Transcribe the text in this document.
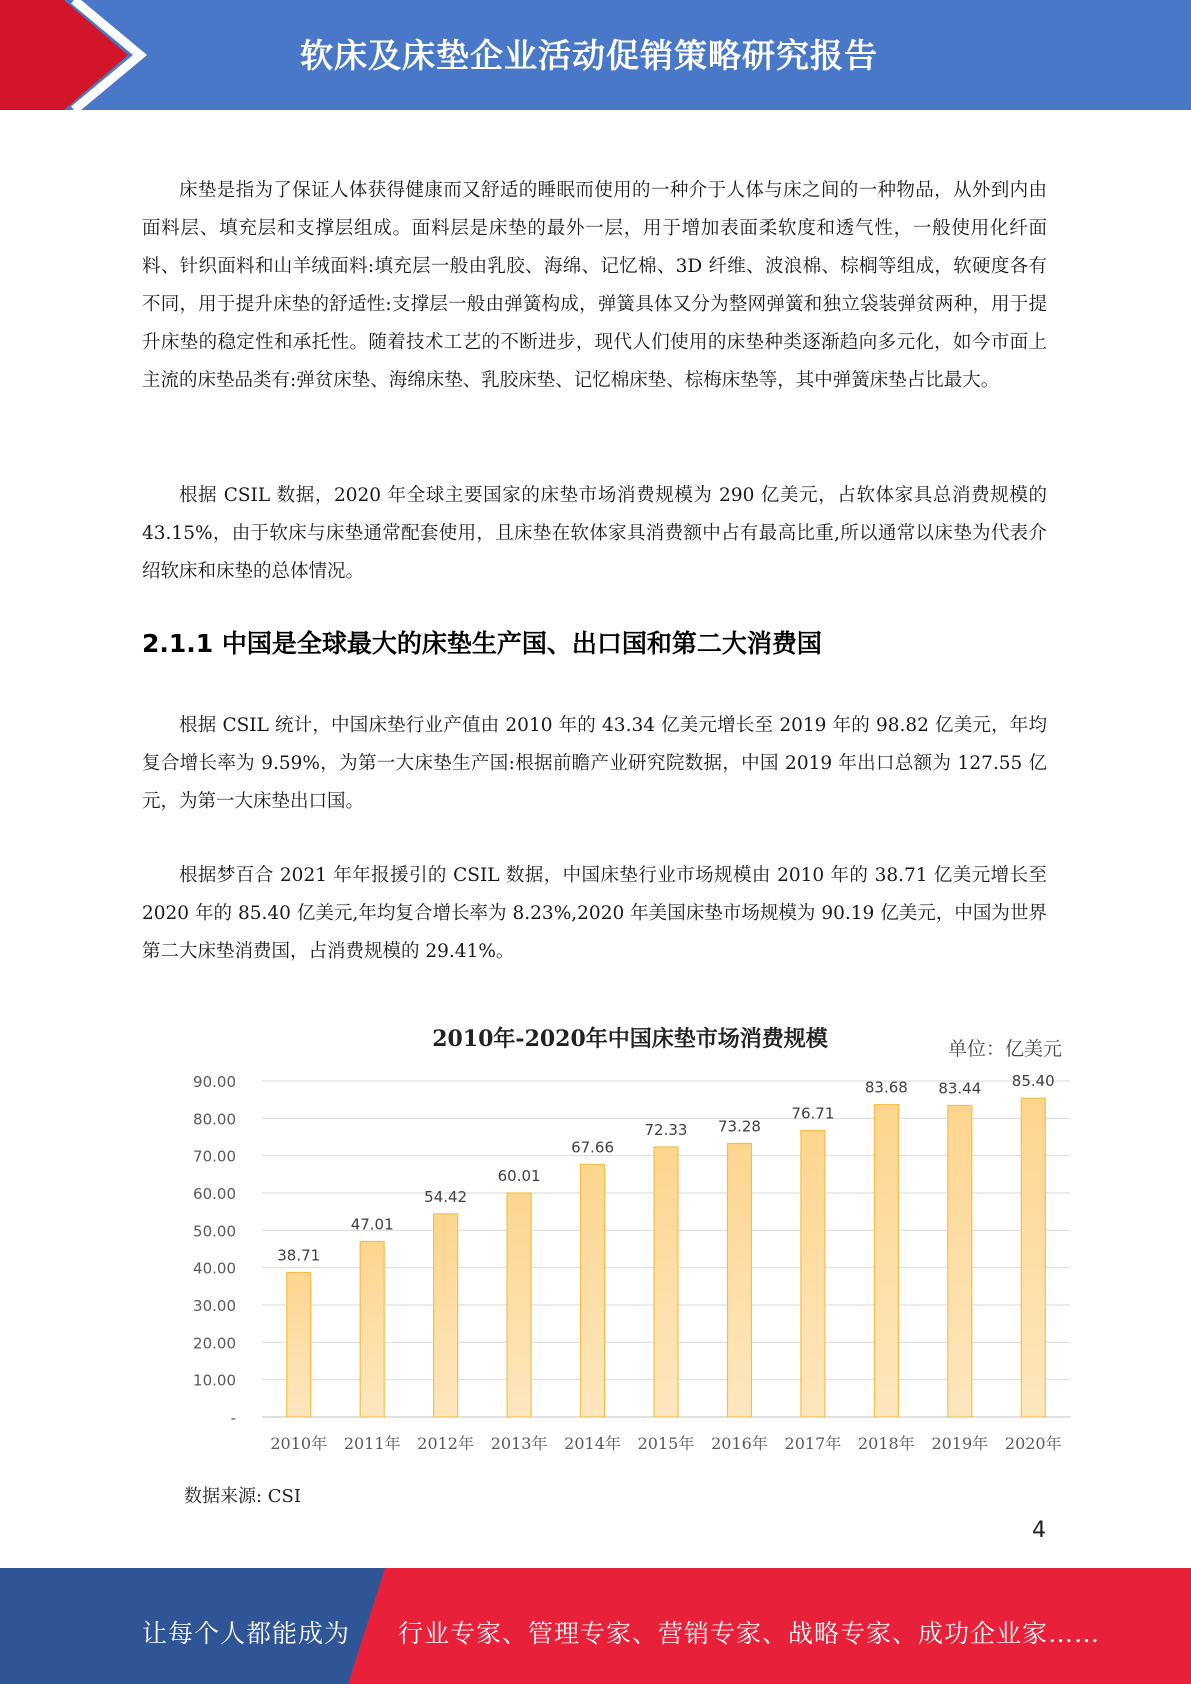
软床及床垫企业活动促销策略研究报告

床垫是指为了保证人体获得健康而又舒适的睡眠而使用的一种介于人体与床之间的一种物品，从外到内由面料层、填充层和支撑层组成。面料层是床垫的最外一层，用于增加表面柔软度和透气性，一般使用化纤面料、针织面料和山羊绒面料:填充层一般由乳胶、海绵、记忆棉、3D 纤维、波浪棉、棕榈等组成，软硬度各有不同，用于提升床垫的舒适性:支撑层一般由弹簧构成，弹簧具体又分为整网弹簧和独立袋装弹贫两种，用于提升床垫的稳定性和承托性。随着技术工艺的不断进步，现代人们使用的床垫种类逐渐趋向多元化，如今市面上主流的床垫品类有:弹贫床垫、海绵床垫、乳胶床垫、记忆棉床垫、棕梅床垫等，其中弹簧床垫占比最大。

根据 CSIL 数据，2020 年全球主要国家的床垫市场消费规模为 290 亿美元，占软体家具总消费规模的 43.15%，由于软床与床垫通常配套使用，且床垫在软体家具消费额中占有最高比重,所以通常以床垫为代表介绍软床和床垫的总体情况。

2.1.1 中国是全球最大的床垫生产国、出口国和第二大消费国

根据 CSIL 统计，中国床垫行业产值由 2010 年的 43.34 亿美元增长至 2019 年的 98.82 亿美元，年均复合增长率为 9.59%，为第一大床垫生产国:根据前瞻产业研究院数据，中国 2019 年出口总额为 127.55 亿元，为第一大床垫出口国。

根据梦百合 2021 年年报援引的 CSIL 数据，中国床垫行业市场规模由 2010 年的 38.71 亿美元增长至 2020 年的 85.40 亿美元,年均复合增长率为 8.23%,2020 年美国床垫市场规模为 90.19 亿美元，中国为世界第二大床垫消费国，占消费规模的 29.41%。

2010年-2020年中国床垫市场消费规模	单位：亿美元
-
10.00
20.00
30.00
40.00
50.00
60.00
70.00
80.00
90.00
38.71
2010年
47.01
2011年
54.42
2012年
60.01
2013年
67.66
2014年
72.33
2015年
73.28
2016年
76.71
2017年
83.68
2018年
83.44
2019年
85.40
2020年
数据来源: CSI
4
让每个人都能成为 行业专家、管理专家、营销专家、战略专家、成功企业家……
